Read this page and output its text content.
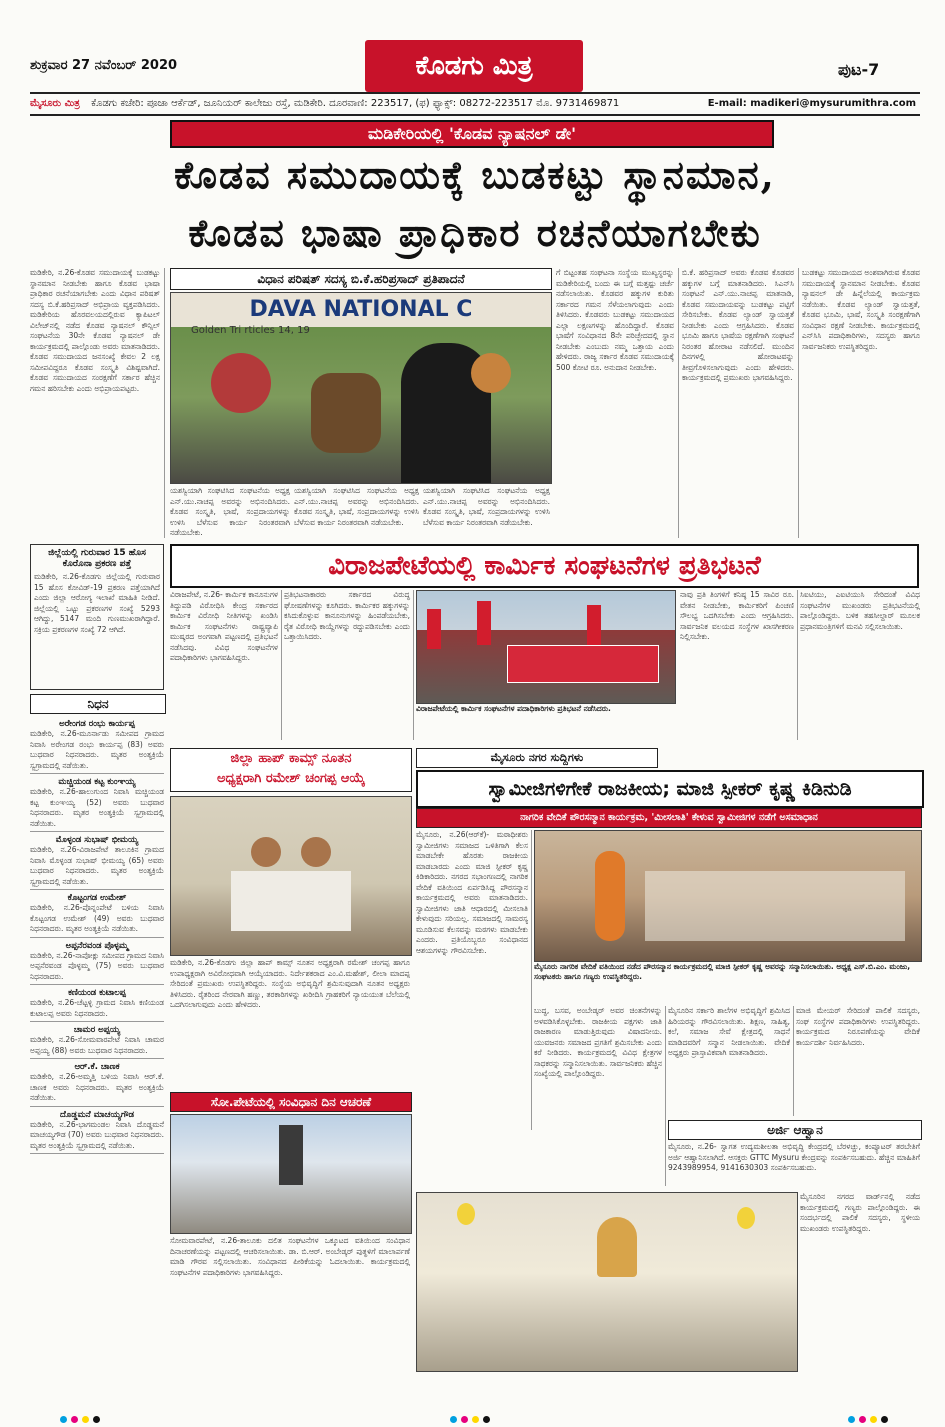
ಶುಕ್ರವಾರ 27 ನವೆಂಬರ್ 2020	ಕೊಡಗು ಮಿತ್ರ	ಪುಟ-7
ಮೈಸೂರು ಮಿತ್ರ ಕೊಡಗು ಕಚೇರಿ: ಪೂಜಾ ಆರ್ಕೆಡ್, ಜೂನಿಯರ್ ಕಾಲೇಜು ರಸ್ತೆ, ಮಡಿಕೇರಿ. ದೂರವಾಣಿ: 223517, (ಫ) ಫ್ಯಾಕ್ಸ್: 08272-223517 ಮೊ. 9731469871	E-mail: madikeri@mysurumithra.com
ಮಡಿಕೇರಿಯಲ್ಲಿ 'ಕೊಡವ ನ್ಯಾಷನಲ್ ಡೇ'
ಕೊಡವ ಸಮುದಾಯಕ್ಕೆ ಬುಡಕಟ್ಟು ಸ್ಥಾನಮಾನ,
ಕೊಡವ ಭಾಷಾ ಪ್ರಾಧಿಕಾರ ರಚನೆಯಾಗಬೇಕು
ಮಡಿಕೇರಿ, ನ.26-ಕೊಡವ ಸಮುದಾಯಕ್ಕೆ ಬುಡಕಟ್ಟು ಸ್ಥಾನಮಾನ ನೀಡಬೇಕು ಹಾಗೂ ಕೊಡವ ಭಾಷಾ ಪ್ರಾಧಿಕಾರ ರಚನೆಯಾಗಬೇಕು ಎಂದು ವಿಧಾನ ಪರಿಷತ್ ಸದಸ್ಯ ಬಿ.ಕೆ.ಹರಿಪ್ರಸಾದ್ ಅಭಿಪ್ರಾಯ ವ್ಯಕ್ತಪಡಿಸಿದರು. ಮಡಿಕೇರಿಯ ಹೊರವಲಯದಲ್ಲಿರುವ ಕ್ಯಾಪಿಟಲ್ ವಿಲೇಜ್‌ನಲ್ಲಿ ನಡೆದ ಕೊಡವ ನ್ಯಾಷನಲ್ ಕೌನ್ಸಿಲ್ ಸಂಘಟನೆಯ 30ನೇ ಕೊಡವ ನ್ಯಾಷನಲ್ ಡೇ ಕಾರ್ಯಕ್ರಮದಲ್ಲಿ ಪಾಲ್ಗೊಂಡು ಅವರು ಮಾತನಾಡಿದರು. ಕೊಡವ ಸಮುದಾಯದ ಜನಸಂಖ್ಯೆ ಕೇವಲ 2 ಲಕ್ಷ ಸಮೀಪವಿದ್ದರೂ ಕೊಡವ ಸಂಸ್ಕೃತಿ ವಿಶಿಷ್ಟವಾಗಿದೆ. ಕೊಡವ ಸಮುದಾಯದ ಸಂರಕ್ಷಣೆಗೆ ಸರ್ಕಾರ ಹೆಚ್ಚಿನ ಗಮನ ಹರಿಸಬೇಕು ಎಂದು ಅಭಿಪ್ರಾಯಪಟ್ಟರು.
ವಿಧಾನ ಪರಿಷತ್ ಸದಸ್ಯ ಬಿ.ಕೆ.ಹರಿಪ್ರಸಾದ್ ಪ್ರತಿಪಾದನೆ
DAVA NATIONAL C
Golden Tri rticles 14, 19
ಯಶಸ್ವಿಯಾಗಿ ಸಂಘಟಿಸಿದ ಸಂಘಟನೆಯ ಅಧ್ಯಕ್ಷ ಎನ್.ಯು.ನಾಚಪ್ಪ ಅವರನ್ನು ಅಭಿನಂದಿಸಿದರು. ಕೊಡವ ಸಂಸ್ಕೃತಿ, ಭಾಷೆ, ಸಂಪ್ರದಾಯಗಳನ್ನು ಉಳಿಸಿ ಬೆಳೆಸುವ ಕಾರ್ಯ ನಿರಂತರವಾಗಿ ನಡೆಯಬೇಕು.
ಯಶಸ್ವಿಯಾಗಿ ಸಂಘಟಿಸಿದ ಸಂಘಟನೆಯ ಅಧ್ಯಕ್ಷ ಎನ್.ಯು.ನಾಚಪ್ಪ ಅವರನ್ನು ಅಭಿನಂದಿಸಿದರು. ಕೊಡವ ಸಂಸ್ಕೃತಿ, ಭಾಷೆ, ಸಂಪ್ರದಾಯಗಳನ್ನು ಉಳಿಸಿ ಬೆಳೆಸುವ ಕಾರ್ಯ ನಿರಂತರವಾಗಿ ನಡೆಯಬೇಕು.
ಯಶಸ್ವಿಯಾಗಿ ಸಂಘಟಿಸಿದ ಸಂಘಟನೆಯ ಅಧ್ಯಕ್ಷ ಎನ್.ಯು.ನಾಚಪ್ಪ ಅವರನ್ನು ಅಭಿನಂದಿಸಿದರು. ಕೊಡವ ಸಂಸ್ಕೃತಿ, ಭಾಷೆ, ಸಂಪ್ರದಾಯಗಳನ್ನು ಉಳಿಸಿ ಬೆಳೆಸುವ ಕಾರ್ಯ ನಿರಂತರವಾಗಿ ನಡೆಯಬೇಕು.
ಗೆ ಬಿಟ್ಟಂತಹ ಸಂಘಟನಾ ಸಂಸ್ಥೆಯ ಮುಖ್ಯಸ್ಥರನ್ನು ಮಡಿಕೇರಿಯಲ್ಲಿ ಬಂದು ಈ ಬಗ್ಗೆ ಮತ್ತಷ್ಟು ಚರ್ಚೆ ನಡೆಸಲಾಯಿತು. ಕೊಡವರ ಹಕ್ಕುಗಳ ಕುರಿತು ಸರ್ಕಾರದ ಗಮನ ಸೆಳೆಯಲಾಗುವುದು ಎಂದು ತಿಳಿಸಿದರು. ಕೊಡವರು ಬುಡಕಟ್ಟು ಸಮುದಾಯದ ಎಲ್ಲಾ ಲಕ್ಷಣಗಳನ್ನು ಹೊಂದಿದ್ದಾರೆ. ಕೊಡವ ಭಾಷೆಗೆ ಸಂವಿಧಾನದ 8ನೇ ಪರಿಚ್ಛೇದದಲ್ಲಿ ಸ್ಥಾನ ನೀಡಬೇಕು ಎಂಬುದು ನಮ್ಮ ಒತ್ತಾಯ ಎಂದು ಹೇಳಿದರು. ರಾಜ್ಯ ಸರ್ಕಾರ ಕೊಡವ ಸಮುದಾಯಕ್ಕೆ 500 ಕೋಟಿ ರೂ. ಅನುದಾನ ನೀಡಬೇಕು.
ಬಿ.ಕೆ. ಹರಿಪ್ರಸಾದ್ ಅವರು ಕೊಡವ ಕೊಡವರ ಹಕ್ಕುಗಳ ಬಗ್ಗೆ ಮಾತನಾಡಿದರು. ಸಿಎನ್‌ಸಿ ಸಂಘಟನೆ ಎನ್.ಯು.ನಾಚಪ್ಪ ಮಾತನಾಡಿ, ಕೊಡವ ಸಮುದಾಯವನ್ನು ಬುಡಕಟ್ಟು ಪಟ್ಟಿಗೆ ಸೇರಿಸಬೇಕು. ಕೊಡವ ಲ್ಯಾಂಡ್ ಸ್ವಾಯತ್ತತೆ ನೀಡಬೇಕು ಎಂದು ಆಗ್ರಹಿಸಿದರು. ಕೊಡವ ಭೂಮಿ ಹಾಗೂ ಭಾಷೆಯ ರಕ್ಷಣೆಗಾಗಿ ಸಂಘಟನೆ ನಿರಂತರ ಹೋರಾಟ ನಡೆಸಲಿದೆ. ಮುಂದಿನ ದಿನಗಳಲ್ಲಿ ಹೋರಾಟವನ್ನು ತೀವ್ರಗೊಳಿಸಲಾಗುವುದು ಎಂದು ಹೇಳಿದರು. ಕಾರ್ಯಕ್ರಮದಲ್ಲಿ ಪ್ರಮುಖರು ಭಾಗವಹಿಸಿದ್ದರು.
ಬುಡಕಟ್ಟು ಸಮುದಾಯದ ಅಂಶವಾಗಿರುವ ಕೊಡವ ಸಮುದಾಯಕ್ಕೆ ಸ್ಥಾನಮಾನ ನೀಡಬೇಕು. ಕೊಡವ ನ್ಯಾಷನಲ್ ಡೇ ಹಿನ್ನೆಲೆಯಲ್ಲಿ ಕಾರ್ಯಕ್ರಮ ನಡೆಯಿತು. ಕೊಡವ ಲ್ಯಾಂಡ್ ಸ್ವಾಯತ್ತತೆ, ಕೊಡವ ಭೂಮಿ, ಭಾಷೆ, ಸಂಸ್ಕೃತಿ ಸಂರಕ್ಷಣೆಗಾಗಿ ಸಂವಿಧಾನ ರಕ್ಷಣೆ ನೀಡಬೇಕು. ಕಾರ್ಯಕ್ರಮದಲ್ಲಿ ಎನ್‌ಸಿಸಿ ಪದಾಧಿಕಾರಿಗಳು, ಸದಸ್ಯರು ಹಾಗೂ ಸಾರ್ವಜನಿಕರು ಉಪಸ್ಥಿತರಿದ್ದರು.
ಜಿಲ್ಲೆಯಲ್ಲಿ ಗುರುವಾರ 15 ಹೊಸ ಕೊರೊನಾ ಪ್ರಕರಣ ಪತ್ತೆ
ಮಡಿಕೇರಿ, ನ.26-ಕೊಡಗು ಜಿಲ್ಲೆಯಲ್ಲಿ ಗುರುವಾರ 15 ಹೊಸ ಕೋವಿಡ್-19 ಪ್ರಕರಣ ಪತ್ತೆಯಾಗಿದೆ ಎಂದು ಜಿಲ್ಲಾ ಆರೋಗ್ಯ ಇಲಾಖೆ ಮಾಹಿತಿ ನೀಡಿದೆ. ಜಿಲ್ಲೆಯಲ್ಲಿ ಒಟ್ಟು ಪ್ರಕರಣಗಳ ಸಂಖ್ಯೆ 5293 ಆಗಿದ್ದು, 5147 ಮಂದಿ ಗುಣಮುಖರಾಗಿದ್ದಾರೆ. ಸಕ್ರಿಯ ಪ್ರಕರಣಗಳ ಸಂಖ್ಯೆ 72 ಆಗಿದೆ.
ನಿಧನ
ಅರೇಂಗಡ ರಂಭು ಕಾರ್ಯಪ್ಪ
ಮಡಿಕೇರಿ, ನ.26-ಮೂರ್ನಾಡು ಸಮೀಪದ ಗ್ರಾಮದ ನಿವಾಸಿ ಅರೇಂಗಡ ರಂಭು ಕಾರ್ಯಪ್ಪ (83) ಅವರು ಬುಧವಾರ ನಿಧನರಾದರು. ಮೃತರ ಅಂತ್ಯಕ್ರಿಯೆ ಸ್ವಗ್ರಾಮದಲ್ಲಿ ನಡೆಯಿತು.
ಮಚ್ಚಿಯಂಡ ಕಟ್ಟ ಕುಂಞಯ್ಯ
ಮಡಿಕೇರಿ, ನ.26-ಹಾಲುಗುಂದ ನಿವಾಸಿ ಮಚ್ಚಿಯಂಡ ಕಟ್ಟ ಕುಂಞಯ್ಯ (52) ಅವರು ಬುಧವಾರ ನಿಧನರಾದರು. ಮೃತರ ಅಂತ್ಯಕ್ರಿಯೆ ಸ್ವಗ್ರಾಮದಲ್ಲಿ ನಡೆಯಿತು.
ಮೊಳ್ಳಂಡ ಸುಭಾಷ್ ಭೀಮಯ್ಯ
ಮಡಿಕೇರಿ, ನ.26-ವಿರಾಜಪೇಟೆ ತಾಲೂಕಿನ ಗ್ರಾಮದ ನಿವಾಸಿ ಮೊಳ್ಳಂಡ ಸುಭಾಷ್ ಭೀಮಯ್ಯ (65) ಅವರು ಬುಧವಾರ ನಿಧನರಾದರು. ಮೃತರ ಅಂತ್ಯಕ್ರಿಯೆ ಸ್ವಗ್ರಾಮದಲ್ಲಿ ನಡೆಯಿತು.
ಕೊಟ್ಟಂಗಡ ಉಮೇಶ್
ಮಡಿಕೇರಿ, ನ.26-ಪೊನ್ನಂಪೇಟೆ ಬಳಿಯ ನಿವಾಸಿ ಕೊಟ್ಟಂಗಡ ಉಮೇಶ್ (49) ಅವರು ಬುಧವಾರ ನಿಧನರಾದರು. ಮೃತರ ಅಂತ್ಯಕ್ರಿಯೆ ನಡೆಯಿತು.
ಅಪ್ಪನೆರವಂಡ ಪೊಳ್ಳಮ್ಮ
ಮಡಿಕೇರಿ, ನ.26-ನಾಪೋಕ್ಲು ಸಮೀಪದ ಗ್ರಾಮದ ನಿವಾಸಿ ಅಪ್ಪನೆರವಂಡ ಪೊಳ್ಳಮ್ಮ (75) ಅವರು ಬುಧವಾರ ನಿಧನರಾದರು.
ಕಣಿಯಂಡ ಕುಟಾಲಪ್ಪ
ಮಡಿಕೇರಿ, ನ.26-ಚೆಟ್ಟಳ್ಳಿ ಗ್ರಾಮದ ನಿವಾಸಿ ಕಣಿಯಂಡ ಕುಟಾಲಪ್ಪ ಅವರು ನಿಧನರಾದರು.
ಚಾಮರ ಅಪ್ಪಯ್ಯ
ಮಡಿಕೇರಿ, ನ.26-ಸೋಮವಾರಪೇಟೆ ನಿವಾಸಿ ಚಾಮರ ಅಪ್ಪಯ್ಯ (88) ಅವರು ಬುಧವಾರ ನಿಧನರಾದರು.
ಆರ್.ಕೆ. ಚಾಣಕ
ಮಡಿಕೇರಿ, ನ.26-ಅಮ್ಮತ್ತಿ ಬಳಿಯ ನಿವಾಸಿ ಆರ್.ಕೆ. ಚಾಣಕ ಅವರು ನಿಧನರಾದರು. ಮೃತರ ಅಂತ್ಯಕ್ರಿಯೆ ನಡೆಯಿತು.
ದೊಡ್ಡಮನೆ ಮಾಚಯ್ಯಗೌಡ
ಮಡಿಕೇರಿ, ನ.26-ಭಾಗಮಂಡಲ ನಿವಾಸಿ ದೊಡ್ಡಮನೆ ಮಾಚಯ್ಯಗೌಡ (70) ಅವರು ಬುಧವಾರ ನಿಧನರಾದರು. ಮೃತರ ಅಂತ್ಯಕ್ರಿಯೆ ಸ್ವಗ್ರಾಮದಲ್ಲಿ ನಡೆಯಿತು.
ವಿರಾಜಪೇಟೆಯಲ್ಲಿ ಕಾರ್ಮಿಕ ಸಂಘಟನೆಗಳ ಪ್ರತಿಭಟನೆ
ವಿರಾಜಪೇಟೆ, ನ.26- ಕಾರ್ಮಿಕ ಕಾನೂನುಗಳ ತಿದ್ದುಪಡಿ ವಿರೋಧಿಸಿ ಕೇಂದ್ರ ಸರ್ಕಾರದ ಕಾರ್ಮಿಕ ವಿರೋಧಿ ನೀತಿಗಳನ್ನು ಖಂಡಿಸಿ ಕಾರ್ಮಿಕ ಸಂಘಟನೆಗಳು ರಾಷ್ಟ್ರವ್ಯಾಪಿ ಮುಷ್ಕರದ ಅಂಗವಾಗಿ ಪಟ್ಟಣದಲ್ಲಿ ಪ್ರತಿಭಟನೆ ನಡೆಸಿದವು. ವಿವಿಧ ಸಂಘಟನೆಗಳ ಪದಾಧಿಕಾರಿಗಳು ಭಾಗವಹಿಸಿದ್ದರು.
ಪ್ರತಿಭಟನಾಕಾರರು ಸರ್ಕಾರದ ವಿರುದ್ಧ ಘೋಷಣೆಗಳನ್ನು ಕೂಗಿದರು. ಕಾರ್ಮಿಕರ ಹಕ್ಕುಗಳನ್ನು ಕಸಿದುಕೊಳ್ಳುವ ಕಾನೂನುಗಳನ್ನು ಹಿಂಪಡೆಯಬೇಕು, ರೈತ ವಿರೋಧಿ ಕಾಯ್ದೆಗಳನ್ನು ರದ್ದುಪಡಿಸಬೇಕು ಎಂದು ಒತ್ತಾಯಿಸಿದರು.
ವಿರಾಜಪೇಟೆಯಲ್ಲಿ ಕಾರ್ಮಿಕ ಸಂಘಟನೆಗಳ ಪದಾಧಿಕಾರಿಗಳು ಪ್ರತಿಭಟನೆ ನಡೆಸಿದರು.
ನಾವು ಪ್ರತಿ ತಿಂಗಳಿಗೆ ಕನಿಷ್ಠ 15 ಸಾವಿರ ರೂ. ವೇತನ ನೀಡಬೇಕು, ಕಾರ್ಮಿಕರಿಗೆ ಪಿಂಚಣಿ ಸೌಲಭ್ಯ ಒದಗಿಸಬೇಕು ಎಂದು ಆಗ್ರಹಿಸಿದರು. ಸಾರ್ವಜನಿಕ ವಲಯದ ಸಂಸ್ಥೆಗಳ ಖಾಸಗೀಕರಣ ನಿಲ್ಲಿಸಬೇಕು.
ಸಿಐಟಿಯು, ಎಐಟಿಯುಸಿ ಸೇರಿದಂತೆ ವಿವಿಧ ಸಂಘಟನೆಗಳ ಮುಖಂಡರು ಪ್ರತಿಭಟನೆಯಲ್ಲಿ ಪಾಲ್ಗೊಂಡಿದ್ದರು. ಬಳಿಕ ತಹಸೀಲ್ದಾರ್ ಮೂಲಕ ಪ್ರಧಾನಮಂತ್ರಿಗಳಿಗೆ ಮನವಿ ಸಲ್ಲಿಸಲಾಯಿತು.
ಜಿಲ್ಲಾ ಹಾಪ್ ಕಾಮ್ಸ್ ನೂತನ
ಅಧ್ಯಕ್ಷರಾಗಿ ರಮೇಶ್ ಚಂಗಪ್ಪ ಆಯ್ಕೆ
ಮಡಿಕೇರಿ, ನ.26-ಕೊಡಗು ಜಿಲ್ಲಾ ಹಾಪ್ ಕಾಮ್ಸ್ ನೂತನ ಅಧ್ಯಕ್ಷರಾಗಿ ರಮೇಶ್ ಚಂಗಪ್ಪ ಹಾಗೂ ಉಪಾಧ್ಯಕ್ಷರಾಗಿ ಅವಿರೋಧವಾಗಿ ಆಯ್ಕೆಯಾದರು. ನಿರ್ದೇಶಕರಾದ ಎಂ.ವಿ.ಮಹೇಶ್, ಲೀಲಾ ಮಾದಪ್ಪ ಸೇರಿದಂತೆ ಪ್ರಮುಖರು ಉಪಸ್ಥಿತರಿದ್ದರು. ಸಂಸ್ಥೆಯ ಅಭಿವೃದ್ಧಿಗೆ ಶ್ರಮಿಸುವುದಾಗಿ ನೂತನ ಅಧ್ಯಕ್ಷರು ತಿಳಿಸಿದರು. ರೈತರಿಂದ ನೇರವಾಗಿ ಹಣ್ಣು, ತರಕಾರಿಗಳನ್ನು ಖರೀದಿಸಿ ಗ್ರಾಹಕರಿಗೆ ನ್ಯಾಯಯುತ ಬೆಲೆಯಲ್ಲಿ ಒದಗಿಸಲಾಗುವುದು ಎಂದು ಹೇಳಿದರು.
ಸೋ.ಪೇಟೆಯಲ್ಲಿ ಸಂವಿಧಾನ ದಿನ ಆಚರಣೆ
ಸೋಮವಾರಪೇಟೆ, ನ.26-ತಾಲೂಕು ದಲಿತ ಸಂಘಟನೆಗಳ ಒಕ್ಕೂಟದ ವತಿಯಿಂದ ಸಂವಿಧಾನ ದಿನಾಚರಣೆಯನ್ನು ಪಟ್ಟಣದಲ್ಲಿ ಆಚರಿಸಲಾಯಿತು. ಡಾ. ಬಿ.ಆರ್. ಅಂಬೇಡ್ಕರ್ ಪುತ್ಥಳಿಗೆ ಮಾಲಾರ್ಪಣೆ ಮಾಡಿ ಗೌರವ ಸಲ್ಲಿಸಲಾಯಿತು. ಸಂವಿಧಾನದ ಪೀಠಿಕೆಯನ್ನು ಓದಲಾಯಿತು. ಕಾರ್ಯಕ್ರಮದಲ್ಲಿ ಸಂಘಟನೆಗಳ ಪದಾಧಿಕಾರಿಗಳು ಭಾಗವಹಿಸಿದ್ದರು.
ಮೈಸೂರು ನಗರ ಸುದ್ದಿಗಳು
ಸ್ವಾಮೀಜಿಗಳಿಗೇಕೆ ರಾಜಕೀಯ; ಮಾಜಿ ಸ್ಪೀಕರ್ ಕೃಷ್ಣ ಕಿಡಿನುಡಿ
ನಾಗರಿಕ ವೇದಿಕೆ ಪೌರಸನ್ಮಾನ ಕಾರ್ಯಕ್ರಮ, 'ಮೀಸಲಾತಿ' ಕೇಳುವ ಸ್ವಾಮೀಜಿಗಳ ನಡೆಗೆ ಅಸಮಾಧಾನ
ಮೈಸೂರು, ನ.26(ಆರ್‌ಕೆ)- ಮಠಾಧೀಶರು ಸ್ವಾಮೀಜಿಗಳು ಸಮಾಜದ ಒಳಿತಿಗಾಗಿ ಕೆಲಸ ಮಾಡಬೇಕೇ ಹೊರತು ರಾಜಕೀಯ ಮಾಡಬಾರದು ಎಂದು ಮಾಜಿ ಸ್ಪೀಕರ್ ಕೃಷ್ಣ ಕಿಡಿಕಾರಿದರು. ನಗರದ ಸಭಾಂಗಣದಲ್ಲಿ ನಾಗರಿಕ ವೇದಿಕೆ ವತಿಯಿಂದ ಏರ್ಪಡಿಸಿದ್ದ ಪೌರಸನ್ಮಾನ ಕಾರ್ಯಕ್ರಮದಲ್ಲಿ ಅವರು ಮಾತನಾಡಿದರು. ಸ್ವಾಮೀಜಿಗಳು ಜಾತಿ ಆಧಾರದಲ್ಲಿ ಮೀಸಲಾತಿ ಕೇಳುವುದು ಸರಿಯಲ್ಲ. ಸಮಾಜದಲ್ಲಿ ಸಾಮರಸ್ಯ ಮೂಡಿಸುವ ಕೆಲಸವನ್ನು ಮಠಗಳು ಮಾಡಬೇಕು ಎಂದರು. ಪ್ರತಿಯೊಬ್ಬರೂ ಸಂವಿಧಾನದ ಆಶಯಗಳನ್ನು ಗೌರವಿಸಬೇಕು.
ಮೈಸೂರು ನಾಗರಿಕ ವೇದಿಕೆ ವತಿಯಿಂದ ನಡೆದ ಪೌರಸನ್ಮಾನ ಕಾರ್ಯಕ್ರಮದಲ್ಲಿ ಮಾಜಿ ಸ್ಪೀಕರ್ ಕೃಷ್ಣ ಅವರನ್ನು ಸನ್ಮಾನಿಸಲಾಯಿತು. ಅಧ್ಯಕ್ಷ ಎಸ್.ಬಿ.ಎಂ. ಮಂಜು, ಸಂಘಟಕರು ಹಾಗೂ ಗಣ್ಯರು ಉಪಸ್ಥಿತರಿದ್ದರು.
ಬುದ್ಧ, ಬಸವ, ಅಂಬೇಡ್ಕರ್ ಅವರ ಚಿಂತನೆಗಳನ್ನು ಅಳವಡಿಸಿಕೊಳ್ಳಬೇಕು. ರಾಜಕೀಯ ಪಕ್ಷಗಳು ಜಾತಿ ರಾಜಕಾರಣ ಮಾಡುತ್ತಿರುವುದು ವಿಷಾದನೀಯ. ಯುವಜನರು ಸಮಾಜದ ಪ್ರಗತಿಗೆ ಶ್ರಮಿಸಬೇಕು ಎಂದು ಕರೆ ನೀಡಿದರು. ಕಾರ್ಯಕ್ರಮದಲ್ಲಿ ವಿವಿಧ ಕ್ಷೇತ್ರಗಳ ಸಾಧಕರನ್ನು ಸನ್ಮಾನಿಸಲಾಯಿತು. ಸಾರ್ವಜನಿಕರು ಹೆಚ್ಚಿನ ಸಂಖ್ಯೆಯಲ್ಲಿ ಪಾಲ್ಗೊಂಡಿದ್ದರು.
ಮೈಸೂರಿನ ಸರ್ಕಾರಿ ಶಾಲೆಗಳ ಅಭಿವೃದ್ಧಿಗೆ ಶ್ರಮಿಸಿದ ಹಿರಿಯರನ್ನು ಗೌರವಿಸಲಾಯಿತು. ಶಿಕ್ಷಣ, ಸಾಹಿತ್ಯ, ಕಲೆ, ಸಮಾಜ ಸೇವೆ ಕ್ಷೇತ್ರದಲ್ಲಿ ಸಾಧನೆ ಮಾಡಿದವರಿಗೆ ಸನ್ಮಾನ ನೀಡಲಾಯಿತು. ವೇದಿಕೆ ಅಧ್ಯಕ್ಷರು ಪ್ರಾಸ್ತಾವಿಕವಾಗಿ ಮಾತನಾಡಿದರು.
ಮಾಜಿ ಮೇಯರ್ ಸೇರಿದಂತೆ ಪಾಲಿಕೆ ಸದಸ್ಯರು, ಸಂಘ ಸಂಸ್ಥೆಗಳ ಪದಾಧಿಕಾರಿಗಳು ಉಪಸ್ಥಿತರಿದ್ದರು. ಕಾರ್ಯಕ್ರಮದ ನಿರೂಪಣೆಯನ್ನು ವೇದಿಕೆ ಕಾರ್ಯದರ್ಶಿ ನಿರ್ವಹಿಸಿದರು.
ಅರ್ಜಿ ಆಹ್ವಾನ
ಮೈಸೂರು, ನ.26- ಸ್ವಾಗತ ಉದ್ಯಮಶೀಲತಾ ಅಭಿವೃದ್ಧಿ ಕೇಂದ್ರದಲ್ಲಿ ಬೆರಳಚ್ಚು, ಕಂಪ್ಯೂಟರ್ ತರಬೇತಿಗೆ ಅರ್ಜಿ ಆಹ್ವಾನಿಸಲಾಗಿದೆ. ಆಸಕ್ತರು GTTC Mysuru ಕೇಂದ್ರವನ್ನು ಸಂಪರ್ಕಿಸಬಹುದು. ಹೆಚ್ಚಿನ ಮಾಹಿತಿಗೆ 9243989954, 9141630303 ಸಂಪರ್ಕಿಸಬಹುದು.
ಮೈಸೂರಿನ ನಗರದ ವಾರ್ಡ್‌ನಲ್ಲಿ ನಡೆದ ಕಾರ್ಯಕ್ರಮದಲ್ಲಿ ಗಣ್ಯರು ಪಾಲ್ಗೊಂಡಿದ್ದರು. ಈ ಸಂದರ್ಭದಲ್ಲಿ ಪಾಲಿಕೆ ಸದಸ್ಯರು, ಸ್ಥಳೀಯ ಮುಖಂಡರು ಉಪಸ್ಥಿತರಿದ್ದರು.
